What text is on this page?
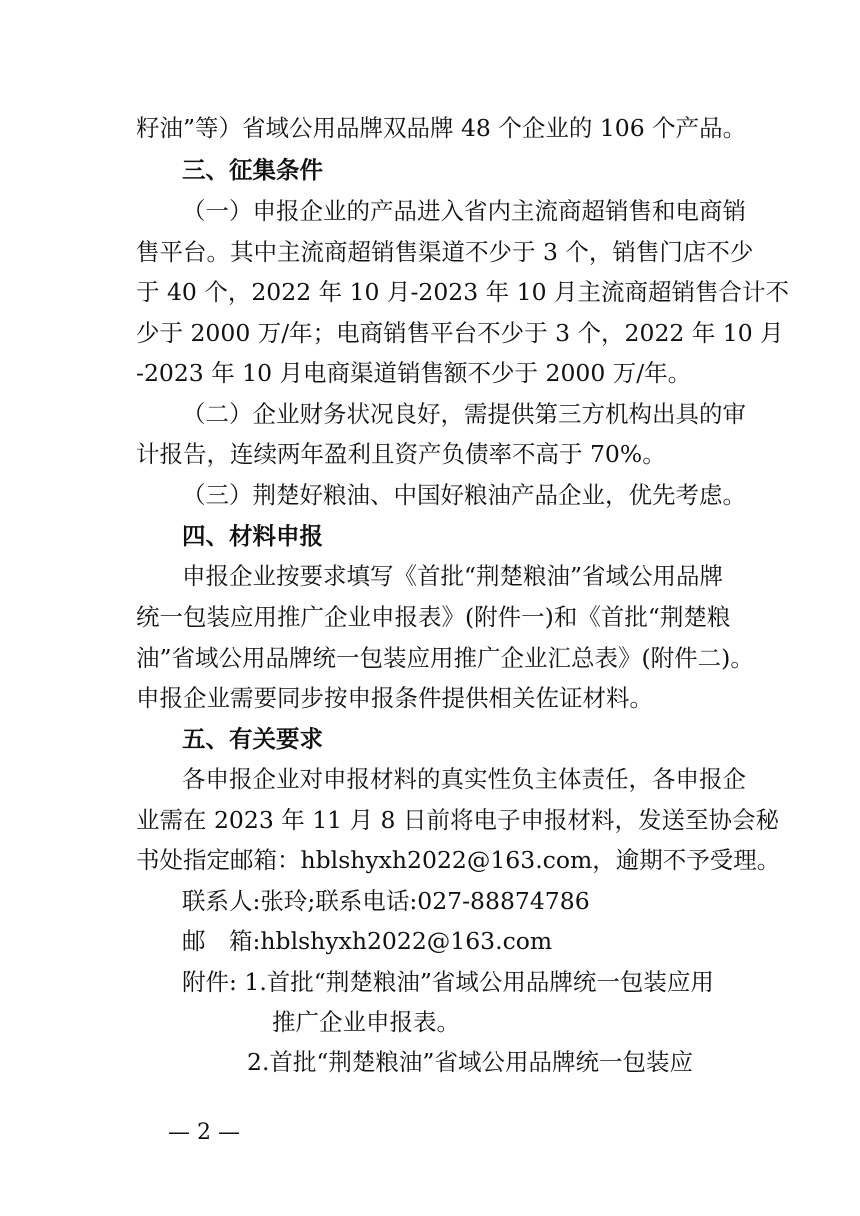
籽油”等）省域公用品牌双品牌 48 个企业的 106 个产品。
三、征集条件
（一）申报企业的产品进入省内主流商超销售和电商销
售平台。其中主流商超销售渠道不少于 3 个，销售门店不少
于 40 个，2022 年 10 月-2023 年 10 月主流商超销售合计不
少于 2000 万/年；电商销售平台不少于 3 个，2022 年 10 月
-2023 年 10 月电商渠道销售额不少于 2000 万/年。
（二）企业财务状况良好，需提供第三方机构出具的审
计报告，连续两年盈利且资产负债率不高于 70%。
（三）荆楚好粮油、中国好粮油产品企业，优先考虑。
四、材料申报
申报企业按要求填写《首批“荆楚粮油”省域公用品牌
统一包装应用推广企业申报表》(附件一)和《首批“荆楚粮
油”省域公用品牌统一包装应用推广企业汇总表》(附件二)。
申报企业需要同步按申报条件提供相关佐证材料。
五、有关要求
各申报企业对申报材料的真实性负主体责任，各申报企
业需在 2023 年 11 月 8 日前将电子申报材料，发送至协会秘
书处指定邮箱：hblshyxh2022@163.com，逾期不予受理。
联系人:张玲;联系电话:027-88874786
邮　箱:hblshyxh2022@163.com
附件: 1.首批“荆楚粮油”省域公用品牌统一包装应用
推广企业申报表。
2.首批“荆楚粮油”省域公用品牌统一包装应
— 2 —
